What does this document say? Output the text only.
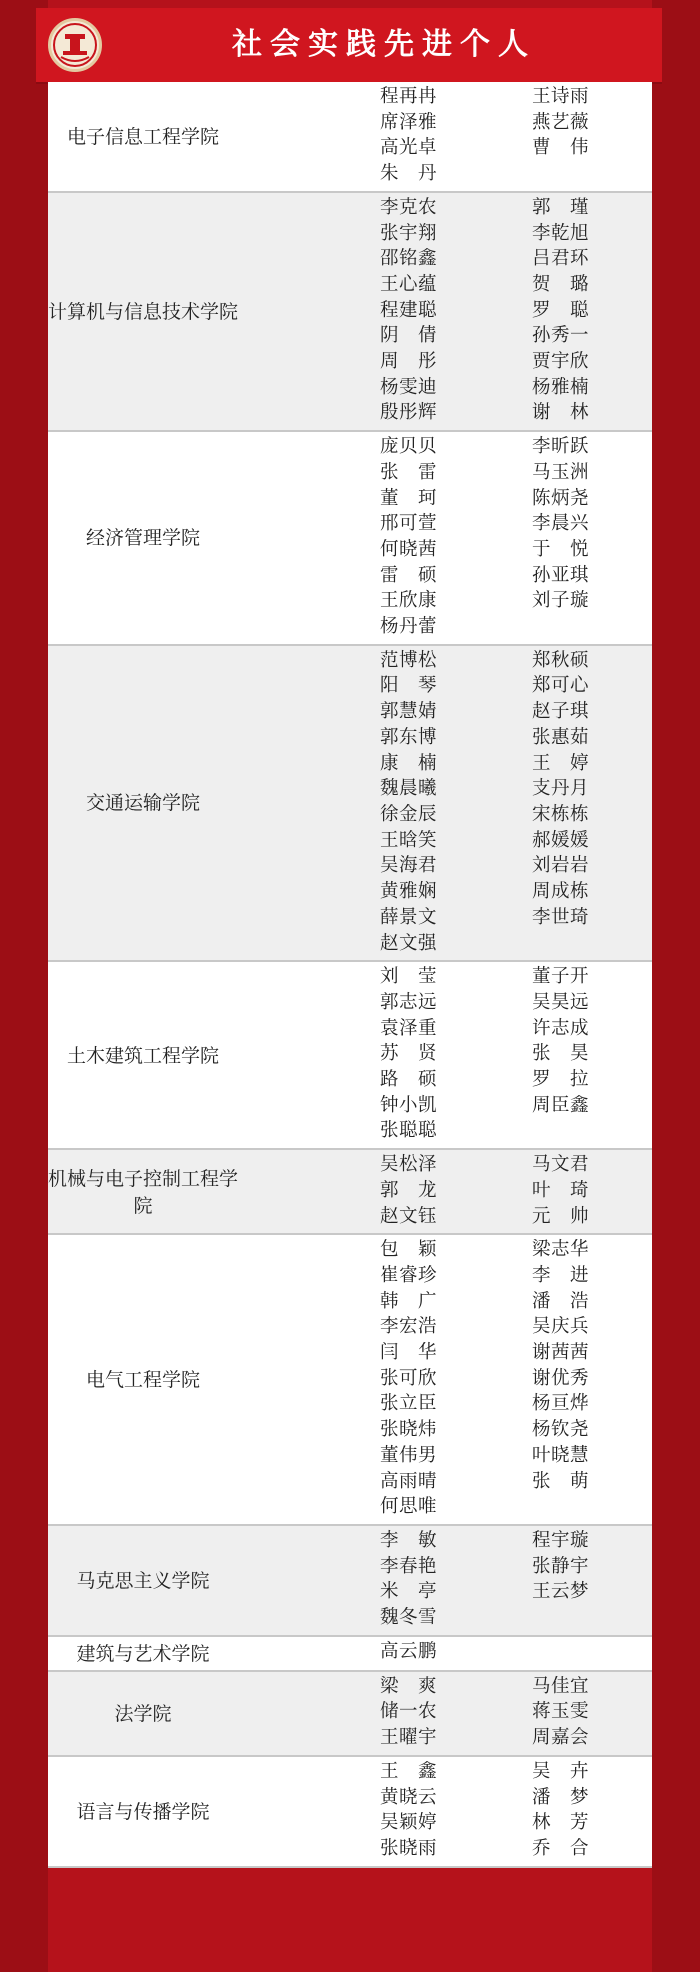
社会实践先进个人
电子信息工程学院
程再冉	王诗雨
席泽雅	燕艺薇
高光卓	曹　伟
朱　丹
计算机与信息技术学院
李克农	郭　瑾
张宇翔	李乾旭
邵铭鑫	吕君环
王心蕴	贺　璐
程建聪	罗　聪
阴　倩	孙秀一
周　彤	贾宇欣
杨雯迪	杨雅楠
殷彤辉	谢　林
经济管理学院
庞贝贝	李昕跃
张　雷	马玉洲
董　珂	陈炳尧
邢可萱	李晨兴
何晓茜	于　悦
雷　硕	孙亚琪
王欣康	刘子璇
杨丹蕾
交通运输学院
范博松	郑秋硕
阳　琴	郑可心
郭慧婧	赵子琪
郭东博	张惠茹
康　楠	王　婷
魏晨曦	支丹月
徐金辰	宋栋栋
王晗笑	郝媛媛
吴海君	刘岩岩
黄雅娴	周成栋
薛景文	李世琦
赵文强
土木建筑工程学院
刘　莹	董子开
郭志远	吴昊远
袁泽重	许志成
苏　贤	张　昊
路　硕	罗　拉
钟小凯	周臣鑫
张聪聪
机械与电子控制工程学院
吴松泽	马文君
郭　龙	叶　琦
赵文钰	元　帅
电气工程学院
包　颖	梁志华
崔睿珍	李　进
韩　广	潘　浩
李宏浩	吴庆兵
闫　华	谢茜茜
张可欣	谢优秀
张立臣	杨亘烨
张晓炜	杨钦尧
董伟男	叶晓慧
高雨晴	张　萌
何思唯
马克思主义学院
李　敏	程宇璇
李春艳	张静宇
米　亭	王云梦
魏冬雪
建筑与艺术学院	高云鹏
法学院
梁　爽	马佳宜
储一农	蒋玉雯
王曜宇	周嘉会
语言与传播学院
王　鑫	吴　卉
黄晓云	潘　梦
吴颖婷	林　芳
张晓雨	乔　合
